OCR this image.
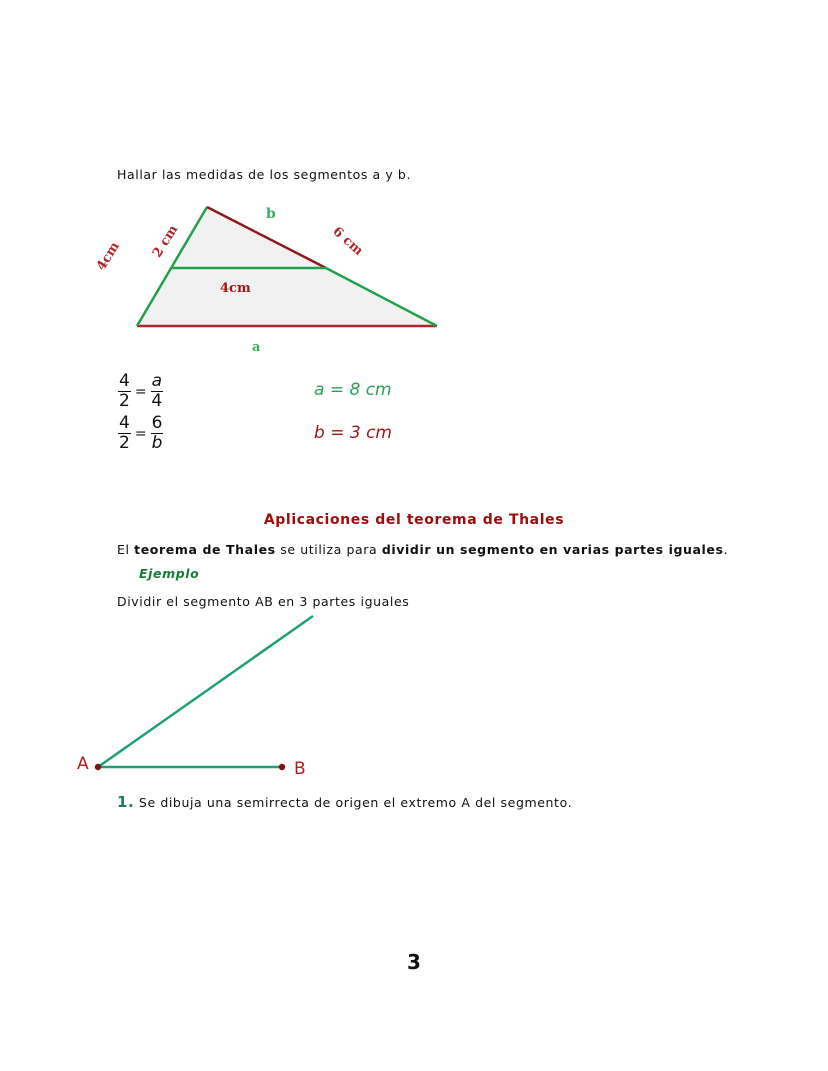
Hallar las medidas de los segmentos a y b.
4cm 2 cm
b
6 cm
4cm
a
$\frac{4}{2} = \frac{a}{4}$
$\frac{4}{2} = \frac{6}{b}$
a = 8 cm
b = 3 cm
Aplicaciones del teorema de Thales
El teorema de Thales se utiliza para dividir un segmento en varias partes iguales.
Ejemplo
Dividir el segmento AB en 3 partes iguales
A	B
1. Se dibuja una semirrecta de origen el extremo A del segmento.
3
